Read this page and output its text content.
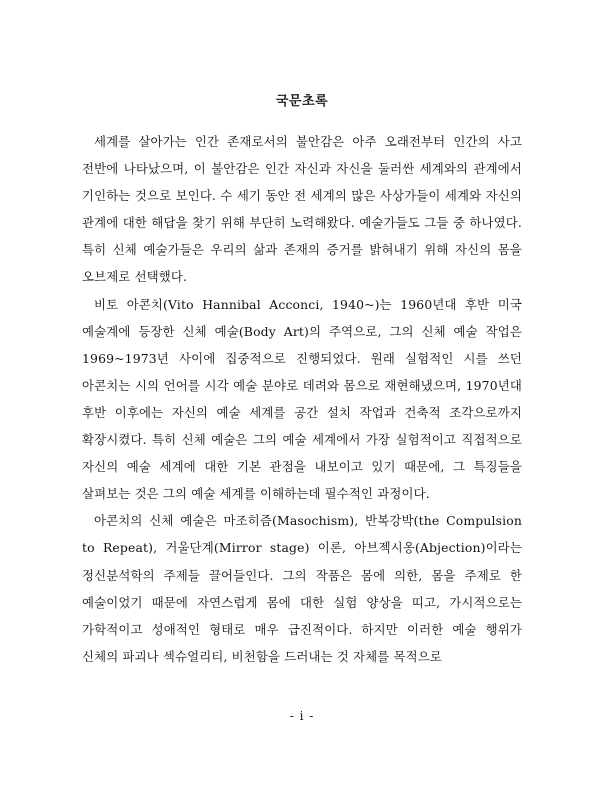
국문초록

세계를 살아가는 인간 존재로서의 불안감은 아주 오래전부터 인간의 사고 전반에 나타났으며, 이 불안감은 인간 자신과 자신을 둘러싼 세계와의 관계에서 기인하는 것으로 보인다. 수 세기 동안 전 세계의 많은 사상가들이 세계와 자신의 관계에 대한 해답을 찾기 위해 부단히 노력해왔다. 예술가들도 그들 중 하나였다. 특히 신체 예술가들은 우리의 삶과 존재의 증거를 밝혀내기 위해 자신의 몸을 오브제로 선택했다.

비토 아콘치(Vito Hannibal Acconci, 1940~)는 1960년대 후반 미국 예술계에 등장한 신체 예술(Body Art)의 주역으로, 그의 신체 예술 작업은 1969~1973년 사이에 집중적으로 진행되었다. 원래 실험적인 시를 쓰던 아콘치는 시의 언어를 시각 예술 분야로 데려와 몸으로 재현해냈으며, 1970년대 후반 이후에는 자신의 예술 세계를 공간 설치 작업과 건축적 조각으로까지 확장시켰다. 특히 신체 예술은 그의 예술 세계에서 가장 실험적이고 직접적으로 자신의 예술 세계에 대한 기본 관점을 내보이고 있기 때문에, 그 특징들을 살펴보는 것은 그의 예술 세계를 이해하는데 필수적인 과정이다.

아콘치의 신체 예술은 마조히즘(Masochism), 반복강박(the Compulsion to Repeat), 거울단계(Mirror stage) 이론, 아브젝시옹(Abjection)이라는 정신분석학의 주제들 끌어들인다. 그의 작품은 몸에 의한, 몸을 주제로 한 예술이었기 때문에 자연스럽게 몸에 대한 실험 양상을 띠고, 가시적으로는 가학적이고 성애적인 형태로 매우 급진적이다. 하지만 이러한 예술 행위가 신체의 파괴나 섹슈얼리티, 비천함을 드러내는 것 자체를 목적으로

- i -
